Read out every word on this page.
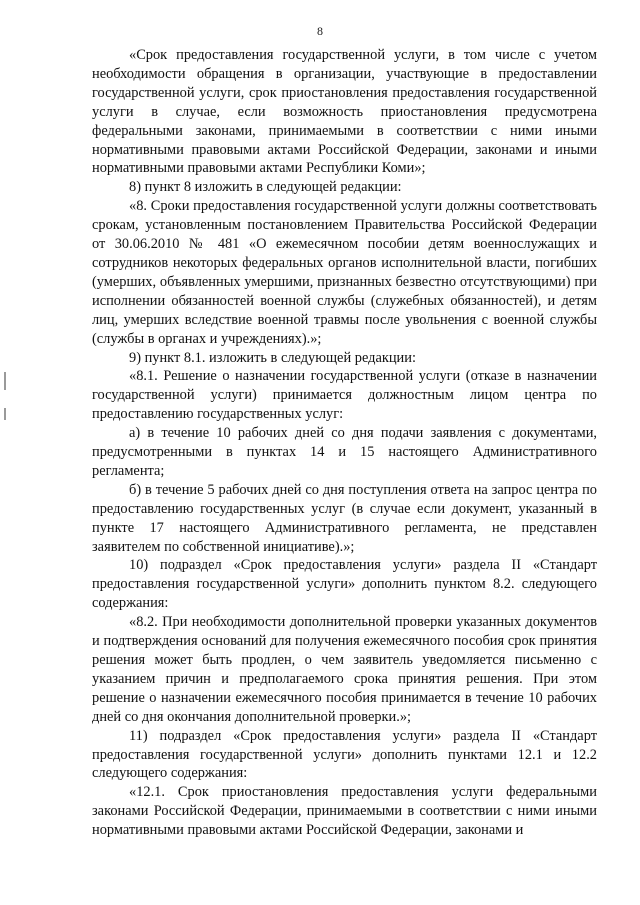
8

«Срок предоставления государственной услуги, в том числе с учетом необходимости обращения в организации, участвующие в предоставлении государственной услуги, срок приостановления предоставления государственной услуги в случае, если возможность приостановления предусмотрена федеральными законами, принимаемыми в соответствии с ними иными нормативными правовыми актами Российской Федерации, законами и иными нормативными правовыми актами Республики Коми»;

8) пункт 8 изложить в следующей редакции:

«8. Сроки предоставления государственной услуги должны соответствовать срокам, установленным постановлением Правительства Российской Федерации от 30.06.2010 № 481 «О ежемесячном пособии детям военнослужащих и сотрудников некоторых федеральных органов исполнительной власти, погибших (умерших, объявленных умершими, признанных безвестно отсутствующими) при исполнении обязанностей военной службы (служебных обязанностей), и детям лиц, умерших вследствие военной травмы после увольнения с военной службы (службы в органах и учреждениях).»;

9) пункт 8.1. изложить в следующей редакции:

«8.1. Решение о назначении государственной услуги (отказе в назначении государственной услуги) принимается должностным лицом центра по предоставлению государственных услуг:

а) в течение 10 рабочих дней со дня подачи заявления с документами, предусмотренными в пунктах 14 и 15 настоящего Административного регламента;

б) в течение 5 рабочих дней со дня поступления ответа на запрос центра по предоставлению государственных услуг (в случае если документ, указанный в пункте 17 настоящего Административного регламента, не представлен заявителем по собственной инициативе).»;

10) подраздел «Срок предоставления услуги» раздела II «Стандарт предоставления государственной услуги» дополнить пунктом 8.2. следующего содержания:

«8.2. При необходимости дополнительной проверки указанных документов и подтверждения оснований для получения ежемесячного пособия срок принятия решения может быть продлен, о чем заявитель уведомляется письменно с указанием причин и предполагаемого срока принятия решения. При этом решение о назначении ежемесячного пособия принимается в течение 10 рабочих дней со дня окончания дополнительной проверки.»;

11) подраздел «Срок предоставления услуги» раздела II «Стандарт предоставления государственной услуги» дополнить пунктами 12.1 и 12.2 следующего содержания:

«12.1. Срок приостановления предоставления услуги федеральными законами Российской Федерации, принимаемыми в соответствии с ними иными нормативными правовыми актами Российской Федерации, законами и
